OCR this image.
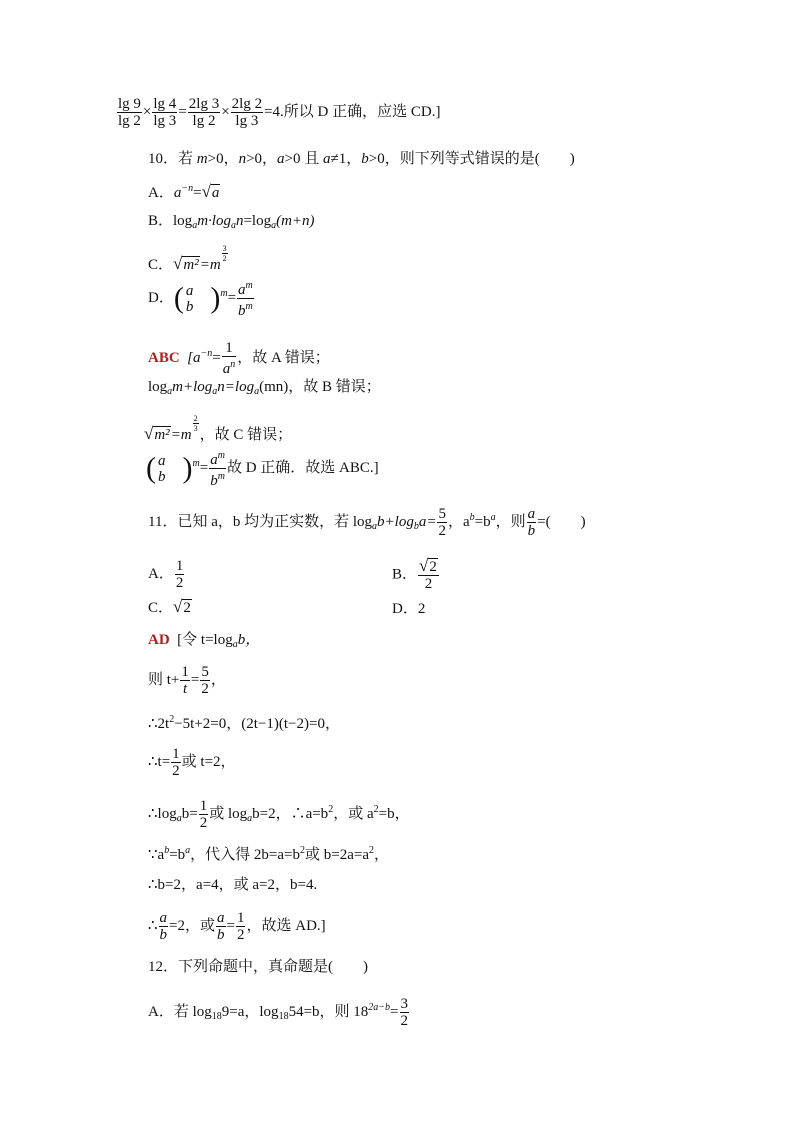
$\frac{\lg 9}{\lg 2} \times \frac{\lg 4}{\lg 3} = \frac{2\lg 3}{\lg 2} \times \frac{2\lg 2}{\lg 3} =4$.所以 D 正确，应选 CD.]
10．若 m>0，n>0，a>0 且 a≠1，b>0，则下列等式错误的是(　　)
A．$a^{-n}=√a$
B．$\log_am\cdot\log_an=\log_a(m+n)$
C．√m²=m
$\frac{3}{2}$
D．( a
b )$^m= \frac{a^m}{b^m}$
ABC [$a^{-n}= \frac{1}{a^n}$ ，故 A 错误；
$\log_am+\log_an=\log_a(mn)$，故 B 错误；
√m²=m
$\frac{2}{3}$
，故 C 错误；
( a
b )$^m= \frac{a^m}{b^m}$ 故 D 正确．故选 ABC.]
11．已知 a，b 均为正实数，若 $\log_ab+\log_ba= \frac{5}{2}$ ，$a^b=b^a$，则 $\frac{a}{b}$ =(　　)
A． $\frac{1}{2}$	B． $\frac{√2}{2}$
C．√2	D．2
AD [令 $t=\log_ab$，
则 $t+ \frac{1}{t} = \frac{5}{2}$ ，
$\therefore 2t^2-5t+2=0$，(2t−1)(t−2)=0，
∴t= $\frac{1}{2}$ 或 t=2，
$\therefore\log_ab= \frac{1}{2}$ 或 $\log_ab=2$，$\therefore a=b^2$，或 $a^2=b$，
$\because a^b=b^a$，代入得 $2b=a=b^2$或 $b=2a=a^2$，
∴b=2，a=4，或 a=2，b=4.
∴ $\frac{a}{b} =2$，或 $\frac{a}{b} = \frac{1}{2}$ ，故选 AD.]
12．下列命题中，真命题是(　　)
A．若 $\log_{18}9=a$，$\log_{18}54=b$，则 $18^{2a-b}= \frac{3}{2}$
